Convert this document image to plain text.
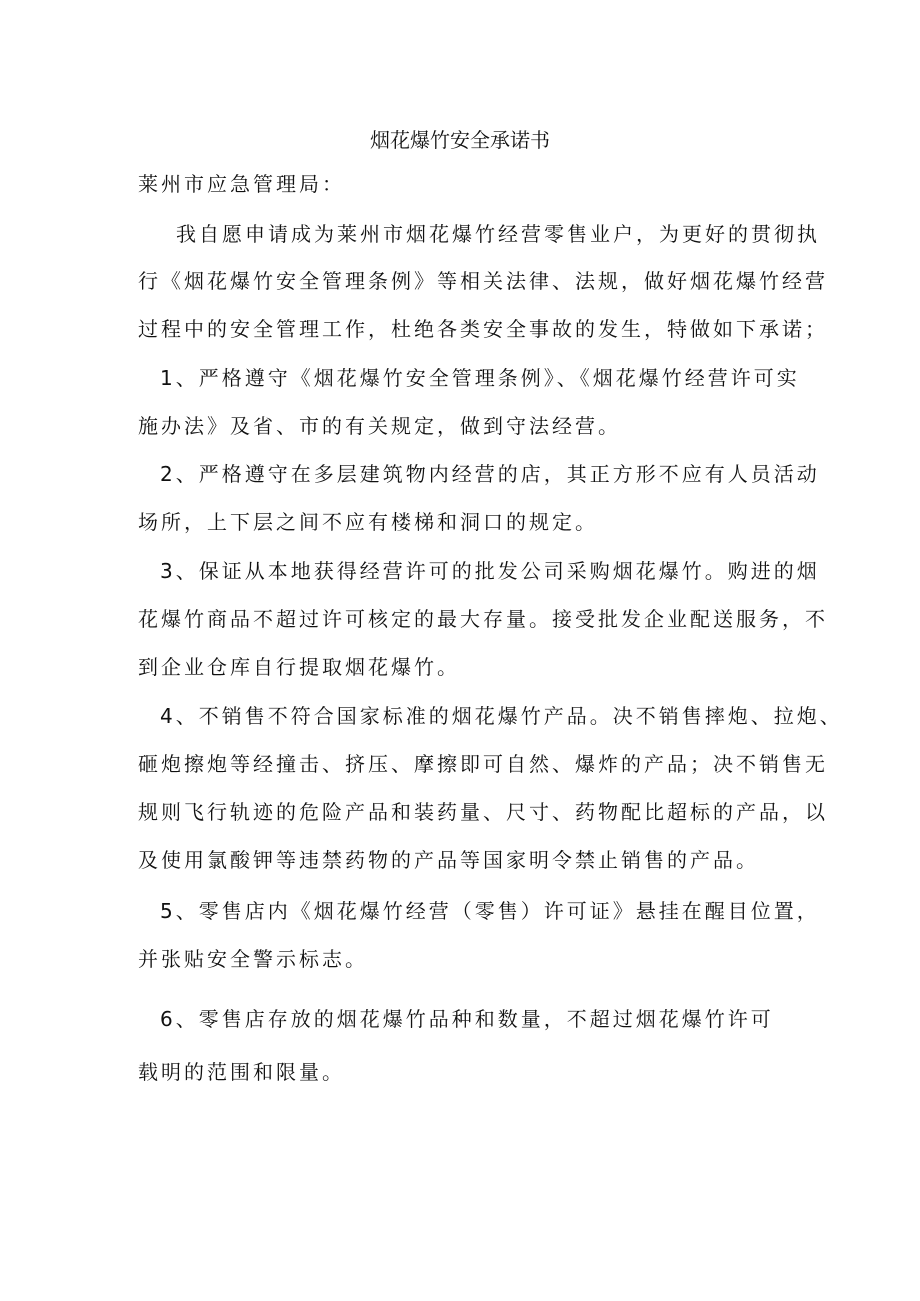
烟花爆竹安全承诺书
莱州市应急管理局：
我自愿申请成为莱州市烟花爆竹经营零售业户，为更好的贯彻执
行《烟花爆竹安全管理条例》等相关法律、法规，做好烟花爆竹经营
过程中的安全管理工作，杜绝各类安全事故的发生，特做如下承诺；
1、严格遵守《烟花爆竹安全管理条例》、《烟花爆竹经营许可实
施办法》及省、市的有关规定，做到守法经营。
2、严格遵守在多层建筑物内经营的店，其正方形不应有人员活动
场所，上下层之间不应有楼梯和洞口的规定。
3、保证从本地获得经营许可的批发公司采购烟花爆竹。购进的烟
花爆竹商品不超过许可核定的最大存量。接受批发企业配送服务，不
到企业仓库自行提取烟花爆竹。
4、不销售不符合国家标准的烟花爆竹产品。决不销售摔炮、拉炮、
砸炮擦炮等经撞击、挤压、摩擦即可自然、爆炸的产品；决不销售无
规则飞行轨迹的危险产品和装药量、尺寸、药物配比超标的产品，以
及使用氯酸钾等违禁药物的产品等国家明令禁止销售的产品。
5、零售店内《烟花爆竹经营（零售）许可证》悬挂在醒目位置，
并张贴安全警示标志。
6、零售店存放的烟花爆竹品种和数量，不超过烟花爆竹许可
载明的范围和限量。
